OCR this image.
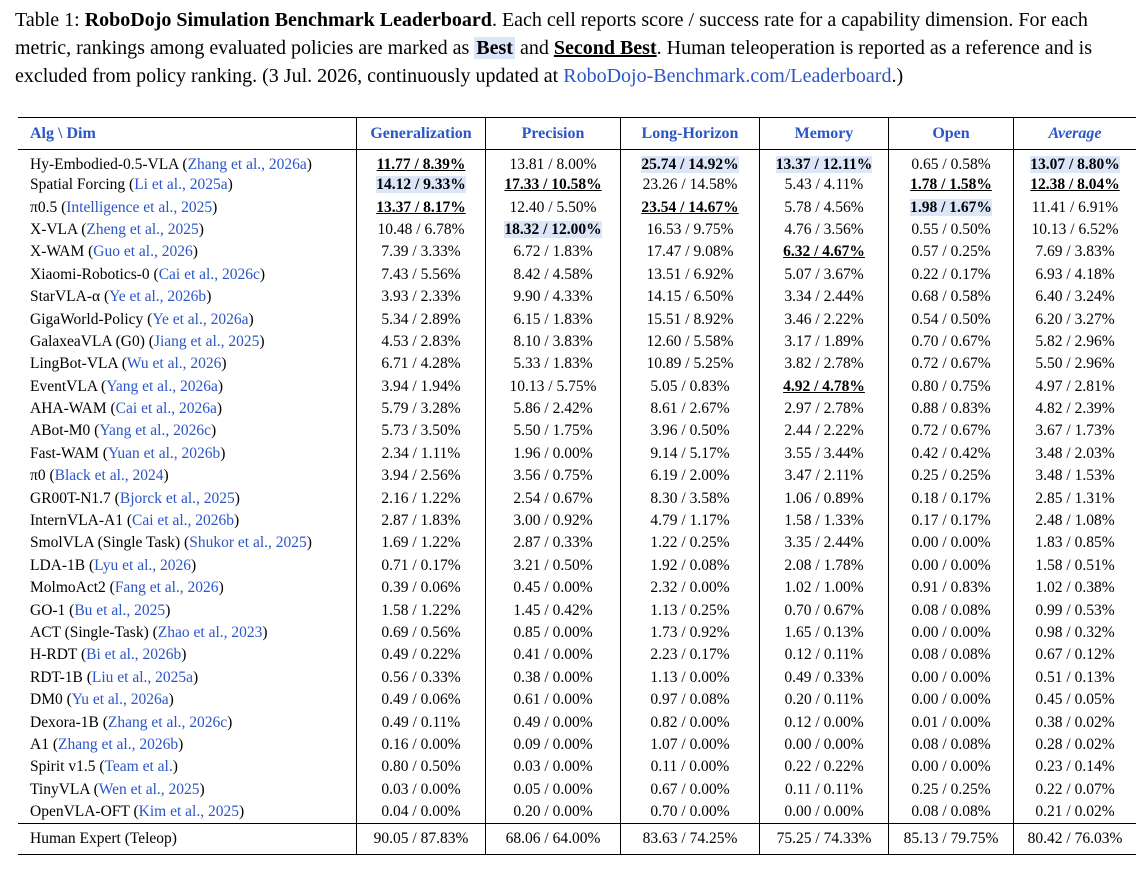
Table 1: RoboDojo Simulation Benchmark Leaderboard. Each cell reports score / success rate for a capability dimension. For each metric, rankings among evaluated policies are marked as Best and Second Best. Human teleoperation is reported as a reference and is excluded from policy ranking. (3 Jul. 2026, continuously updated at RoboDojo-Benchmark.com/Leaderboard.)
Alg \ Dim	Generalization	Precision	Long-Horizon	Memory	Open	Average
Hy-Embodied-0.5-VLA (Zhang et al., 2026a)	11.77 / 8.39%	13.81 / 8.00%	25.74 / 14.92%	13.37 / 12.11%	0.65 / 0.58%	13.07 / 8.80%
Spatial Forcing (Li et al., 2025a)	14.12 / 9.33%	17.33 / 10.58%	23.26 / 14.58%	5.43 / 4.11%	1.78 / 1.58%	12.38 / 8.04%
π0.5 (Intelligence et al., 2025)	13.37 / 8.17%	12.40 / 5.50%	23.54 / 14.67%	5.78 / 4.56%	1.98 / 1.67%	11.41 / 6.91%
X-VLA (Zheng et al., 2025)	10.48 / 6.78%	18.32 / 12.00%	16.53 / 9.75%	4.76 / 3.56%	0.55 / 0.50%	10.13 / 6.52%
X-WAM (Guo et al., 2026)	7.39 / 3.33%	6.72 / 1.83%	17.47 / 9.08%	6.32 / 4.67%	0.57 / 0.25%	7.69 / 3.83%
Xiaomi-Robotics-0 (Cai et al., 2026c)	7.43 / 5.56%	8.42 / 4.58%	13.51 / 6.92%	5.07 / 3.67%	0.22 / 0.17%	6.93 / 4.18%
StarVLA-α (Ye et al., 2026b)	3.93 / 2.33%	9.90 / 4.33%	14.15 / 6.50%	3.34 / 2.44%	0.68 / 0.58%	6.40 / 3.24%
GigaWorld-Policy (Ye et al., 2026a)	5.34 / 2.89%	6.15 / 1.83%	15.51 / 8.92%	3.46 / 2.22%	0.54 / 0.50%	6.20 / 3.27%
GalaxeaVLA (G0) (Jiang et al., 2025)	4.53 / 2.83%	8.10 / 3.83%	12.60 / 5.58%	3.17 / 1.89%	0.70 / 0.67%	5.82 / 2.96%
LingBot-VLA (Wu et al., 2026)	6.71 / 4.28%	5.33 / 1.83%	10.89 / 5.25%	3.82 / 2.78%	0.72 / 0.67%	5.50 / 2.96%
EventVLA (Yang et al., 2026a)	3.94 / 1.94%	10.13 / 5.75%	5.05 / 0.83%	4.92 / 4.78%	0.80 / 0.75%	4.97 / 2.81%
AHA-WAM (Cai et al., 2026a)	5.79 / 3.28%	5.86 / 2.42%	8.61 / 2.67%	2.97 / 2.78%	0.88 / 0.83%	4.82 / 2.39%
ABot-M0 (Yang et al., 2026c)	5.73 / 3.50%	5.50 / 1.75%	3.96 / 0.50%	2.44 / 2.22%	0.72 / 0.67%	3.67 / 1.73%
Fast-WAM (Yuan et al., 2026b)	2.34 / 1.11%	1.96 / 0.00%	9.14 / 5.17%	3.55 / 3.44%	0.42 / 0.42%	3.48 / 2.03%
π0 (Black et al., 2024)	3.94 / 2.56%	3.56 / 0.75%	6.19 / 2.00%	3.47 / 2.11%	0.25 / 0.25%	3.48 / 1.53%
GR00T-N1.7 (Bjorck et al., 2025)	2.16 / 1.22%	2.54 / 0.67%	8.30 / 3.58%	1.06 / 0.89%	0.18 / 0.17%	2.85 / 1.31%
InternVLA-A1 (Cai et al., 2026b)	2.87 / 1.83%	3.00 / 0.92%	4.79 / 1.17%	1.58 / 1.33%	0.17 / 0.17%	2.48 / 1.08%
SmolVLA (Single Task) (Shukor et al., 2025)	1.69 / 1.22%	2.87 / 0.33%	1.22 / 0.25%	3.35 / 2.44%	0.00 / 0.00%	1.83 / 0.85%
LDA-1B (Lyu et al., 2026)	0.71 / 0.17%	3.21 / 0.50%	1.92 / 0.08%	2.08 / 1.78%	0.00 / 0.00%	1.58 / 0.51%
MolmoAct2 (Fang et al., 2026)	0.39 / 0.06%	0.45 / 0.00%	2.32 / 0.00%	1.02 / 1.00%	0.91 / 0.83%	1.02 / 0.38%
GO-1 (Bu et al., 2025)	1.58 / 1.22%	1.45 / 0.42%	1.13 / 0.25%	0.70 / 0.67%	0.08 / 0.08%	0.99 / 0.53%
ACT (Single-Task) (Zhao et al., 2023)	0.69 / 0.56%	0.85 / 0.00%	1.73 / 0.92%	1.65 / 0.13%	0.00 / 0.00%	0.98 / 0.32%
H-RDT (Bi et al., 2026b)	0.49 / 0.22%	0.41 / 0.00%	2.23 / 0.17%	0.12 / 0.11%	0.08 / 0.08%	0.67 / 0.12%
RDT-1B (Liu et al., 2025a)	0.56 / 0.33%	0.38 / 0.00%	1.13 / 0.00%	0.49 / 0.33%	0.00 / 0.00%	0.51 / 0.13%
DM0 (Yu et al., 2026a)	0.49 / 0.06%	0.61 / 0.00%	0.97 / 0.08%	0.20 / 0.11%	0.00 / 0.00%	0.45 / 0.05%
Dexora-1B (Zhang et al., 2026c)	0.49 / 0.11%	0.49 / 0.00%	0.82 / 0.00%	0.12 / 0.00%	0.01 / 0.00%	0.38 / 0.02%
A1 (Zhang et al., 2026b)	0.16 / 0.00%	0.09 / 0.00%	1.07 / 0.00%	0.00 / 0.00%	0.08 / 0.08%	0.28 / 0.02%
Spirit v1.5 (Team et al.)	0.80 / 0.50%	0.03 / 0.00%	0.11 / 0.00%	0.22 / 0.22%	0.00 / 0.00%	0.23 / 0.14%
TinyVLA (Wen et al., 2025)	0.03 / 0.00%	0.05 / 0.00%	0.67 / 0.00%	0.11 / 0.11%	0.25 / 0.25%	0.22 / 0.07%
OpenVLA-OFT (Kim et al., 2025)	0.04 / 0.00%	0.20 / 0.00%	0.70 / 0.00%	0.00 / 0.00%	0.08 / 0.08%	0.21 / 0.02%
Human Expert (Teleop)	90.05 / 87.83%	68.06 / 64.00%	83.63 / 74.25%	75.25 / 74.33%	85.13 / 79.75%	80.42 / 76.03%
